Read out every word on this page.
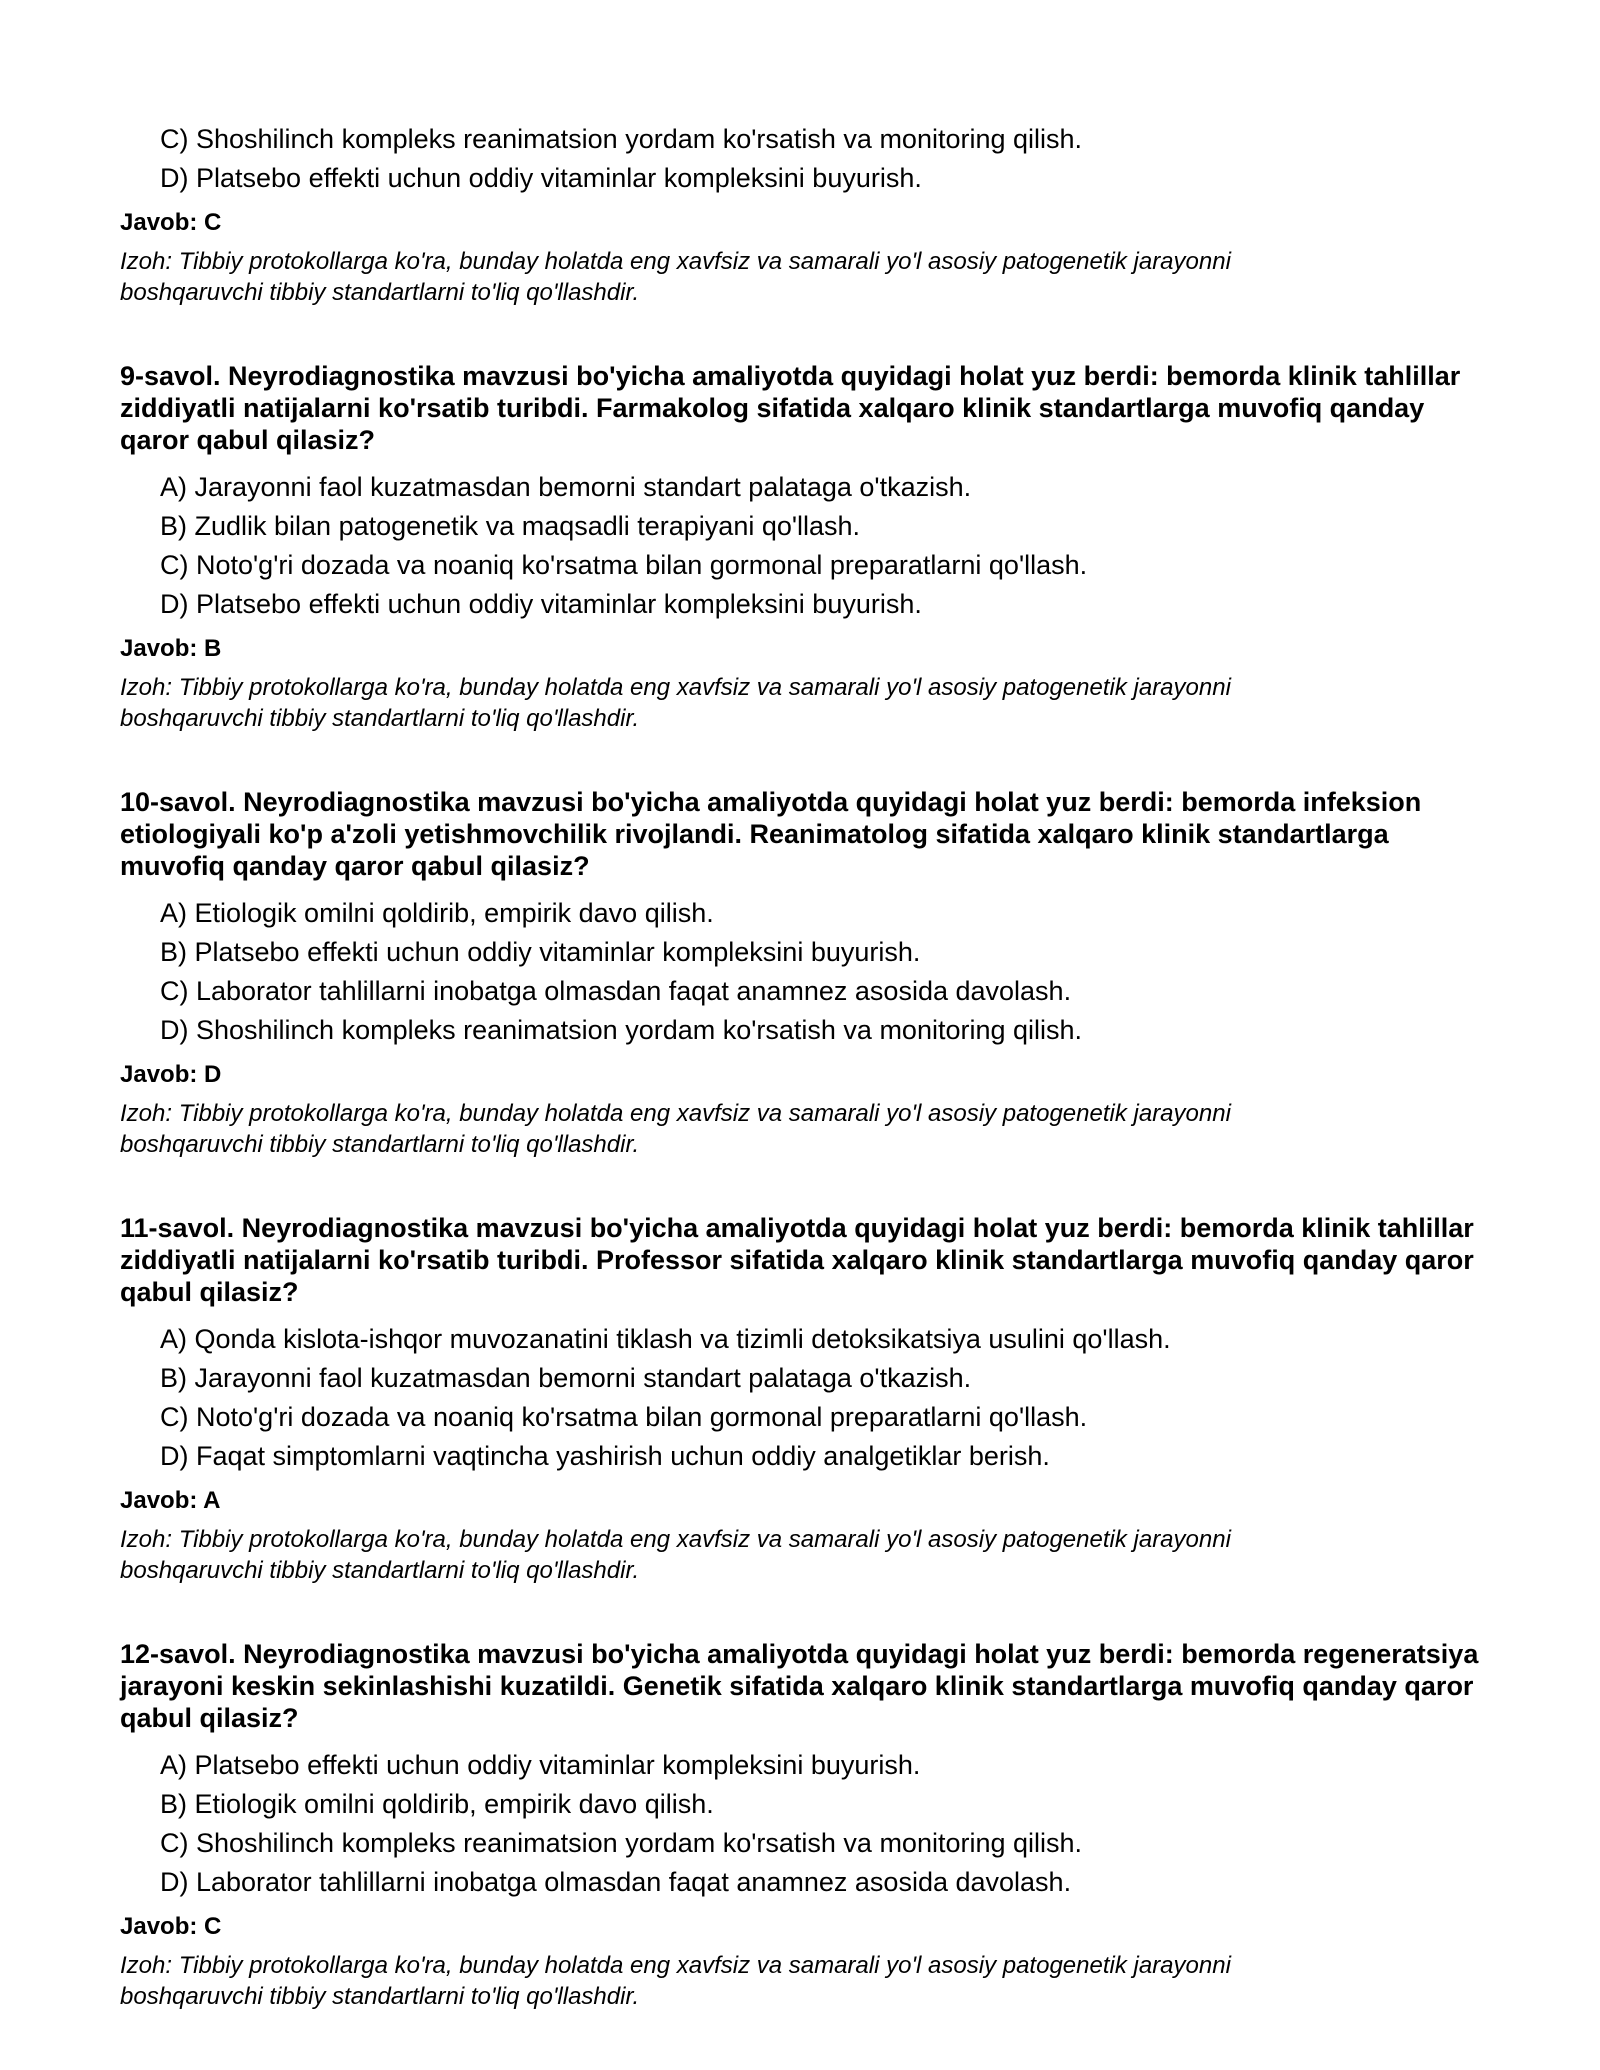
C) Shoshilinch kompleks reanimatsion yordam ko'rsatish va monitoring qilish.
D) Platsebo effekti uchun oddiy vitaminlar kompleksini buyurish.
Javob: C
Izoh: Tibbiy protokollarga ko'ra, bunday holatda eng xavfsiz va samarali yo'l asosiy patogenetik jarayonni boshqaruvchi tibbiy standartlarni to'liq qo'llashdir.
9-savol. Neyrodiagnostika mavzusi bo'yicha amaliyotda quyidagi holat yuz berdi: bemorda klinik tahlillar ziddiyatli natijalarni ko'rsatib turibdi. Farmakolog sifatida xalqaro klinik standartlarga muvofiq qanday qaror qabul qilasiz?
A) Jarayonni faol kuzatmasdan bemorni standart palataga o'tkazish.
B) Zudlik bilan patogenetik va maqsadli terapiyani qo'llash.
C) Noto'g'ri dozada va noaniq ko'rsatma bilan gormonal preparatlarni qo'llash.
D) Platsebo effekti uchun oddiy vitaminlar kompleksini buyurish.
Javob: B
Izoh: Tibbiy protokollarga ko'ra, bunday holatda eng xavfsiz va samarali yo'l asosiy patogenetik jarayonni boshqaruvchi tibbiy standartlarni to'liq qo'llashdir.
10-savol. Neyrodiagnostika mavzusi bo'yicha amaliyotda quyidagi holat yuz berdi: bemorda infeksion etiologiyali ko'p a'zoli yetishmovchilik rivojlandi. Reanimatolog sifatida xalqaro klinik standartlarga muvofiq qanday qaror qabul qilasiz?
A) Etiologik omilni qoldirib, empirik davo qilish.
B) Platsebo effekti uchun oddiy vitaminlar kompleksini buyurish.
C) Laborator tahlillarni inobatga olmasdan faqat anamnez asosida davolash.
D) Shoshilinch kompleks reanimatsion yordam ko'rsatish va monitoring qilish.
Javob: D
Izoh: Tibbiy protokollarga ko'ra, bunday holatda eng xavfsiz va samarali yo'l asosiy patogenetik jarayonni boshqaruvchi tibbiy standartlarni to'liq qo'llashdir.
11-savol. Neyrodiagnostika mavzusi bo'yicha amaliyotda quyidagi holat yuz berdi: bemorda klinik tahlillar ziddiyatli natijalarni ko'rsatib turibdi. Professor sifatida xalqaro klinik standartlarga muvofiq qanday qaror qabul qilasiz?
A) Qonda kislota-ishqor muvozanatini tiklash va tizimli detoksikatsiya usulini qo'llash.
B) Jarayonni faol kuzatmasdan bemorni standart palataga o'tkazish.
C) Noto'g'ri dozada va noaniq ko'rsatma bilan gormonal preparatlarni qo'llash.
D) Faqat simptomlarni vaqtincha yashirish uchun oddiy analgetiklar berish.
Javob: A
Izoh: Tibbiy protokollarga ko'ra, bunday holatda eng xavfsiz va samarali yo'l asosiy patogenetik jarayonni boshqaruvchi tibbiy standartlarni to'liq qo'llashdir.
12-savol. Neyrodiagnostika mavzusi bo'yicha amaliyotda quyidagi holat yuz berdi: bemorda regeneratsiya jarayoni keskin sekinlashishi kuzatildi. Genetik sifatida xalqaro klinik standartlarga muvofiq qanday qaror qabul qilasiz?
A) Platsebo effekti uchun oddiy vitaminlar kompleksini buyurish.
B) Etiologik omilni qoldirib, empirik davo qilish.
C) Shoshilinch kompleks reanimatsion yordam ko'rsatish va monitoring qilish.
D) Laborator tahlillarni inobatga olmasdan faqat anamnez asosida davolash.
Javob: C
Izoh: Tibbiy protokollarga ko'ra, bunday holatda eng xavfsiz va samarali yo'l asosiy patogenetik jarayonni boshqaruvchi tibbiy standartlarni to'liq qo'llashdir.
